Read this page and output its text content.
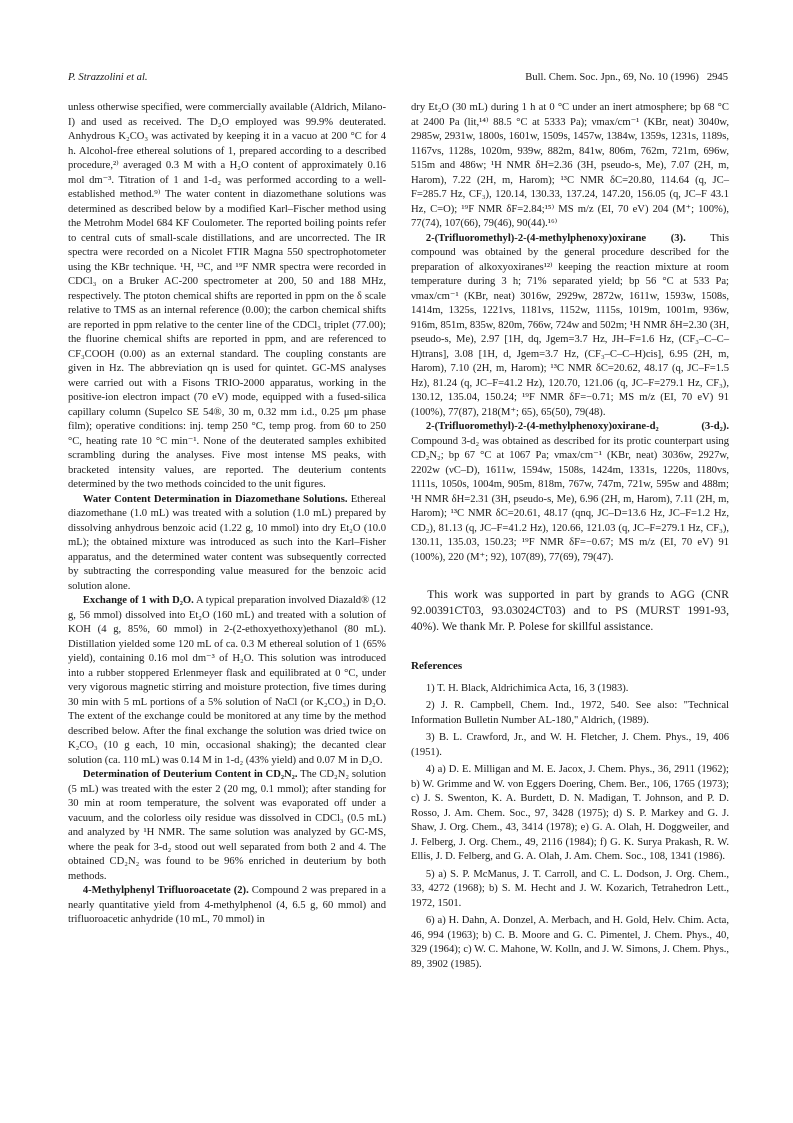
P. Strazzolini et al.	Bull. Chem. Soc. Jpn., 69, No. 10 (1996) 2945

unless otherwise specified, were commercially available (Aldrich, Milano-I) and used as received. The D₂O employed was 99.9% deuterated. Anhydrous K₂CO₃ was activated by keeping it in a vacuo at 200 °C for 4 h. Alcohol-free ethereal solutions of 1, prepared according to a described procedure,²⁾ averaged 0.3 M with a H₂O content of approximately 0.16 mol dm⁻³. Titration of 1 and 1-d₂ was performed according to a well-established method.⁹⁾ The water content in diazomethane solutions was determined as described below by a modified Karl–Fischer method using the Metrohm Model 684 KF Coulometer. The reported boiling points refer to central cuts of small-scale distillations, and are uncorrected. The IR spectra were recorded on a Nicolet FTIR Magna 550 spectrophotometer using the KBr technique. ¹H, ¹³C, and ¹⁹F NMR spectra were recorded in CDCl₃ on a Bruker AC-200 spectrometer at 200, 50 and 188 MHz, respectively. The ptoton chemical shifts are reported in ppm on the δ scale relative to TMS as an internal reference (0.00); the carbon chemical shifts are reported in ppm relative to the center line of the CDCl₃ triplet (77.00); the fluorine chemical shifts are reported in ppm, and are referenced to CF₃COOH (0.00) as an external standard. The coupling constants are given in Hz. The abbreviation qn is used for quintet. GC-MS analyses were carried out with a Fisons TRIO-2000 apparatus, working in the positive-ion electron impact (70 eV) mode, equipped with a fused-silica capillary column (Supelco SE 54®, 30 m, 0.32 mm i.d., 0.25 μm phase film); operative conditions: inj. temp 250 °C, temp prog. from 60 to 250 °C, heating rate 10 °C min⁻¹. None of the deuterated samples exhibited scrambling during the analyses. Five most intense MS peaks, with bracketed intensity values, are reported. The deuterium contents determined by the two methods coincided to the unit figures.

Water Content Determination in Diazomethane Solutions. Ethereal diazomethane (1.0 mL) was treated with a solution (1.0 mL) prepared by dissolving anhydrous benzoic acid (1.22 g, 10 mmol) into dry Et₂O (10.0 mL); the obtained mixture was introduced as such into the Karl–Fisher apparatus, and the determined water content was subsequently corrected by subtracting the corresponding value measured for the benzoic acid solution alone.

Exchange of 1 with D₂O. A typical preparation involved Diazald® (12 g, 56 mmol) dissolved into Et₂O (160 mL) and treated with a solution of KOH (4 g, 85%, 60 mmol) in 2-(2-ethoxyethoxy)ethanol (80 mL). Distillation yielded some 120 mL of ca. 0.3 M ethereal solution of 1 (65% yield), containing 0.16 mol dm⁻³ of H₂O. This solution was introduced into a rubber stoppered Erlenmeyer flask and equilibrated at 0 °C, under very vigorous magnetic stirring and moisture protection, five times during 30 min with 5 mL portions of a 5% solution of NaCl (or K₂CO₃) in D₂O. The extent of the exchange could be monitored at any time by the method described below. After the final exchange the solution was dried twice on K₂CO₃ (10 g each, 10 min, occasional shaking); the decanted clear solution (ca. 110 mL) was 0.14 M in 1-d₂ (43% yield) and 0.07 M in D₂O.

Determination of Deuterium Content in CD₂N₂. The CD₂N₂ solution (5 mL) was treated with the ester 2 (20 mg, 0.1 mmol); after standing for 30 min at room temperature, the solvent was evaporated off under a vacuum, and the colorless oily residue was dissolved in CDCl₃ (0.5 mL) and analyzed by ¹H NMR. The same solution was analyzed by GC-MS, where the peak for 3-d₂ stood out well separated from both 2 and 4. The obtained CD₂N₂ was found to be 96% enriched in deuterium by both methods.

4-Methylphenyl Trifluoroacetate (2). Compound 2 was prepared in a nearly quantitative yield from 4-methylphenol (4, 6.5 g, 60 mmol) and trifluoroacetic anhydride (10 mL, 70 mmol) in

dry Et₂O (30 mL) during 1 h at 0 °C under an inert atmosphere; bp 68 °C at 2400 Pa (lit,¹⁴⁾ 88.5 °C at 5333 Pa); νmax/cm⁻¹ (KBr, neat) 3040w, 2985w, 2931w, 1800s, 1601w, 1509s, 1457w, 1384w, 1359s, 1231s, 1189s, 1167vs, 1128s, 1020m, 939w, 882m, 841w, 806m, 762m, 721m, 696w, 515m and 486w; ¹H NMR δH=2.36 (3H, pseudo-s, Me), 7.07 (2H, m, Harom), 7.22 (2H, m, Harom); ¹³C NMR δC=20.80, 114.64 (q, JC–F=285.7 Hz, CF₃), 120.14, 130.33, 137.24, 147.20, 156.05 (q, JC–F 43.1 Hz, C=O); ¹⁹F NMR δF=2.84;¹⁵⁾ MS m/z (EI, 70 eV) 204 (M⁺; 100%), 77(74), 107(66), 79(46), 90(44).¹⁶⁾

2-(Trifluoromethyl)-2-(4-methylphenoxy)oxirane (3). This compound was obtained by the general procedure described for the preparation of alkoxyoxiranes¹²⁾ keeping the reaction mixture at room temperature during 3 h; 71% separated yield; bp 56 °C at 533 Pa; νmax/cm⁻¹ (KBr, neat) 3016w, 2929w, 2872w, 1611w, 1593w, 1508s, 1414m, 1325s, 1221vs, 1181vs, 1152w, 1115s, 1019m, 1001m, 936w, 916m, 851m, 835w, 820m, 766w, 724w and 502m; ¹H NMR δH=2.30 (3H, pseudo-s, Me), 2.97 [1H, dq, Jgem=3.7 Hz, JH–F=1.6 Hz, (CF₃–C–C–H)trans], 3.08 [1H, d, Jgem=3.7 Hz, (CF₃–C–C–H)cis], 6.95 (2H, m, Harom), 7.10 (2H, m, Harom); ¹³C NMR δC=20.62, 48.17 (q, JC–F=1.5 Hz), 81.24 (q, JC–F=41.2 Hz), 120.70, 121.06 (q, JC–F=279.1 Hz, CF₃), 130.12, 135.04, 150.24; ¹⁹F NMR δF=−0.71; MS m/z (EI, 70 eV) 91 (100%), 77(87), 218(M⁺; 65), 65(50), 79(48).

2-(Trifluoromethyl)-2-(4-methylphenoxy)oxirane-d₂ (3-d₂). Compound 3-d₂ was obtained as described for its protic counterpart using CD₂N₂; bp 67 °C at 1067 Pa; νmax/cm⁻¹ (KBr, neat) 3036w, 2927w, 2202w (νC–D), 1611w, 1594w, 1508s, 1424m, 1331s, 1220s, 1180vs, 1111s, 1050s, 1004m, 905m, 818m, 767w, 747m, 721w, 595w and 488m; ¹H NMR δH=2.31 (3H, pseudo-s, Me), 6.96 (2H, m, Harom), 7.11 (2H, m, Harom); ¹³C NMR δC=20.61, 48.17 (qnq, JC–D=13.6 Hz, JC–F=1.2 Hz, CD₂), 81.13 (q, JC–F=41.2 Hz), 120.66, 121.03 (q, JC–F=279.1 Hz, CF₃), 130.11, 135.03, 150.23; ¹⁹F NMR δF=−0.67; MS m/z (EI, 70 eV) 91 (100%), 220 (M⁺; 92), 107(89), 77(69), 79(47).

This work was supported in part by grands to AGG (CNR 92.00391CT03, 93.03024CT03) and to PS (MURST 1991-93, 40%). We thank Mr. P. Polese for skillful assistance.

References

1) T. H. Black, Aldrichimica Acta, 16, 3 (1983).

2) J. R. Campbell, Chem. Ind., 1972, 540. See also: "Technical Information Bulletin Number AL-180," Aldrich, (1989).

3) B. L. Crawford, Jr., and W. H. Fletcher, J. Chem. Phys., 19, 406 (1951).

4) a) D. E. Milligan and M. E. Jacox, J. Chem. Phys., 36, 2911 (1962); b) W. Grimme and W. von Eggers Doering, Chem. Ber., 106, 1765 (1973); c) J. S. Swenton, K. A. Burdett, D. N. Madigan, T. Johnson, and P. D. Rosso, J. Am. Chem. Soc., 97, 3428 (1975); d) S. P. Markey and G. J. Shaw, J. Org. Chem., 43, 3414 (1978); e) G. A. Olah, H. Doggweiler, and J. Felberg, J. Org. Chem., 49, 2116 (1984); f) G. K. Surya Prakash, R. W. Ellis, J. D. Felberg, and G. A. Olah, J. Am. Chem. Soc., 108, 1341 (1986).

5) a) S. P. McManus, J. T. Carroll, and C. L. Dodson, J. Org. Chem., 33, 4272 (1968); b) S. M. Hecht and J. W. Kozarich, Tetrahedron Lett., 1972, 1501.

6) a) H. Dahn, A. Donzel, A. Merbach, and H. Gold, Helv. Chim. Acta, 46, 994 (1963); b) C. B. Moore and G. C. Pimentel, J. Chem. Phys., 40, 329 (1964); c) W. C. Mahone, W. Kolln, and J. W. Simons, J. Chem. Phys., 89, 3902 (1985).
